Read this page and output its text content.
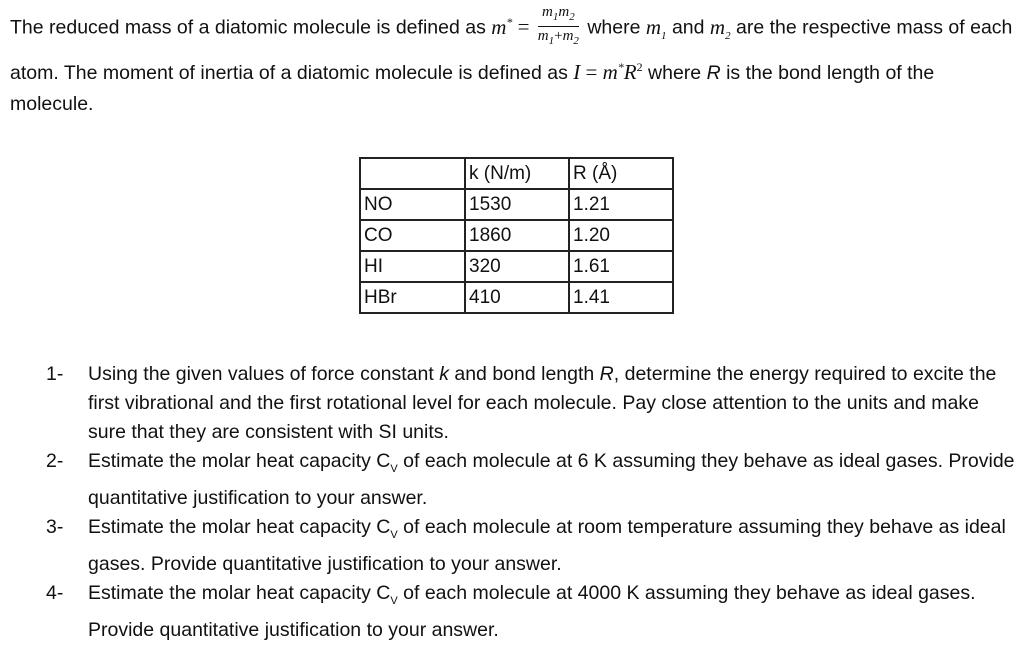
The reduced mass of a diatomic molecule is defined as $m^* = \frac{m_1m_2}{m_1+m_2}$ where $m_1$ and $m_2$ are the respective mass of each atom. The moment of inertia of a diatomic molecule is defined as $I = m^*R^2$ where R is the bond length of the molecule.
	k (N/m)	R (Å)
NO	1530	1.21
CO	1860	1.20
HI	320	1.61
HBr	410	1.41
1-	Using the given values of force constant k and bond length R, determine the energy required to excite the first vibrational and the first rotational level for each molecule. Pay close attention to the units and make sure that they are consistent with SI units.
2-	Estimate the molar heat capacity $C_V$ of each molecule at 6 K assuming they behave as ideal gases. Provide quantitative justification to your answer.
3-	Estimate the molar heat capacity $C_V$ of each molecule at room temperature assuming they behave as ideal gases. Provide quantitative justification to your answer.
4-	Estimate the molar heat capacity $C_V$ of each molecule at 4000 K assuming they behave as ideal gases. Provide quantitative justification to your answer.
